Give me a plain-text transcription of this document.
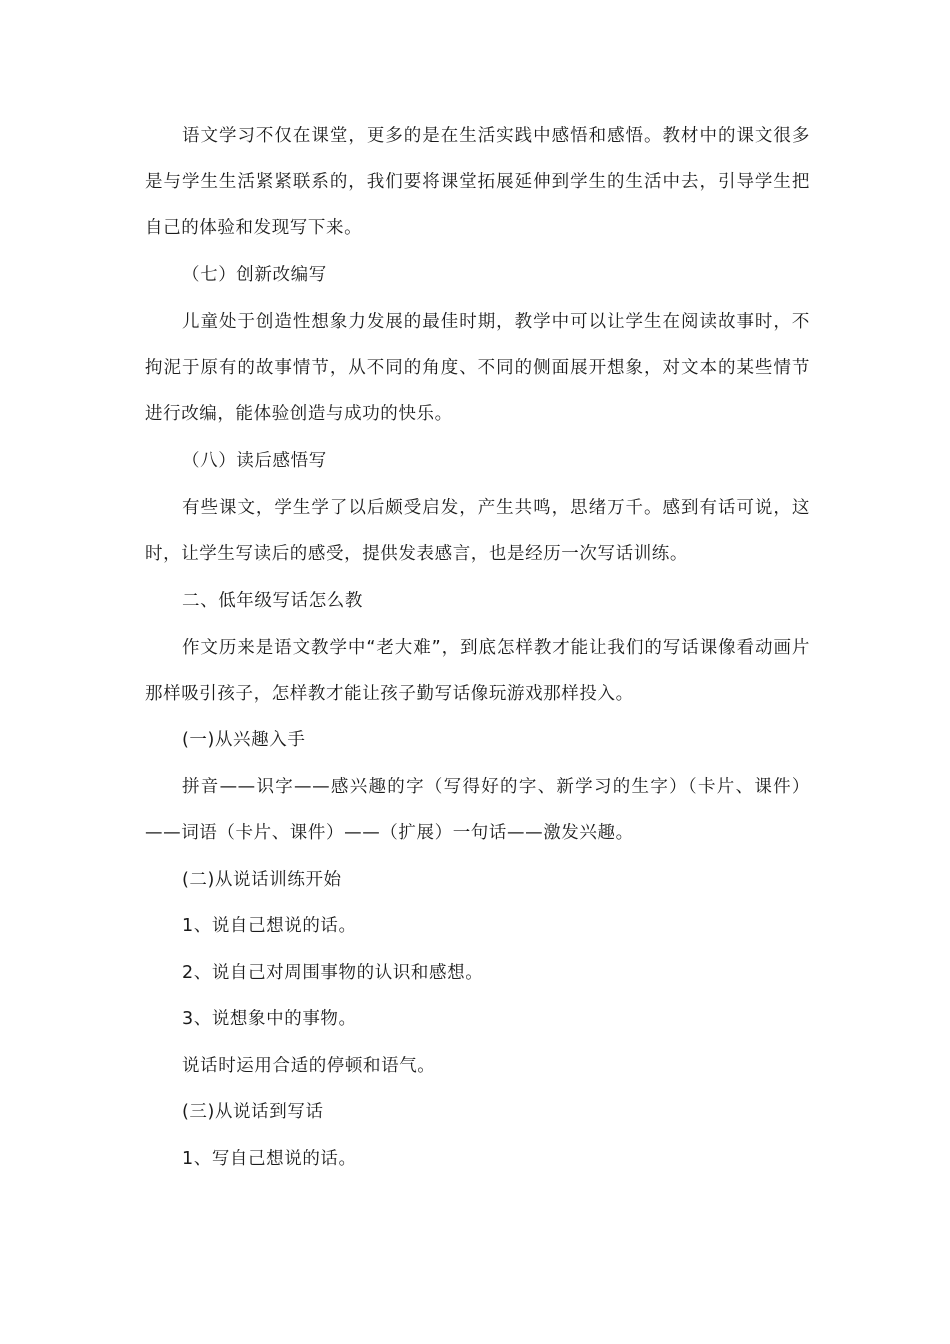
语文学习不仅在课堂，更多的是在生活实践中感悟和感悟。教材中的课文很多是与学生生活紧紧联系的，我们要将课堂拓展延伸到学生的生活中去，引导学生把自己的体验和发现写下来。

（七）创新改编写

儿童处于创造性想象力发展的最佳时期，教学中可以让学生在阅读故事时，不拘泥于原有的故事情节，从不同的角度、不同的侧面展开想象，对文本的某些情节进行改编，能体验创造与成功的快乐。

（八）读后感悟写

有些课文，学生学了以后颇受启发，产生共鸣，思绪万千。感到有话可说，这时，让学生写读后的感受，提供发表感言，也是经历一次写话训练。

二、低年级写话怎么教

作文历来是语文教学中“老大难”，到底怎样教才能让我们的写话课像看动画片那样吸引孩子，怎样教才能让孩子勤写话像玩游戏那样投入。

(一)从兴趣入手

拼音——识字——感兴趣的字（写得好的字、新学习的生字）（卡片、课件）——词语（卡片、课件）——（扩展）一句话——激发兴趣。

(二)从说话训练开始

1、说自己想说的话。

2、说自己对周围事物的认识和感想。

3、说想象中的事物。

说话时运用合适的停顿和语气。

(三)从说话到写话

1、写自己想说的话。
